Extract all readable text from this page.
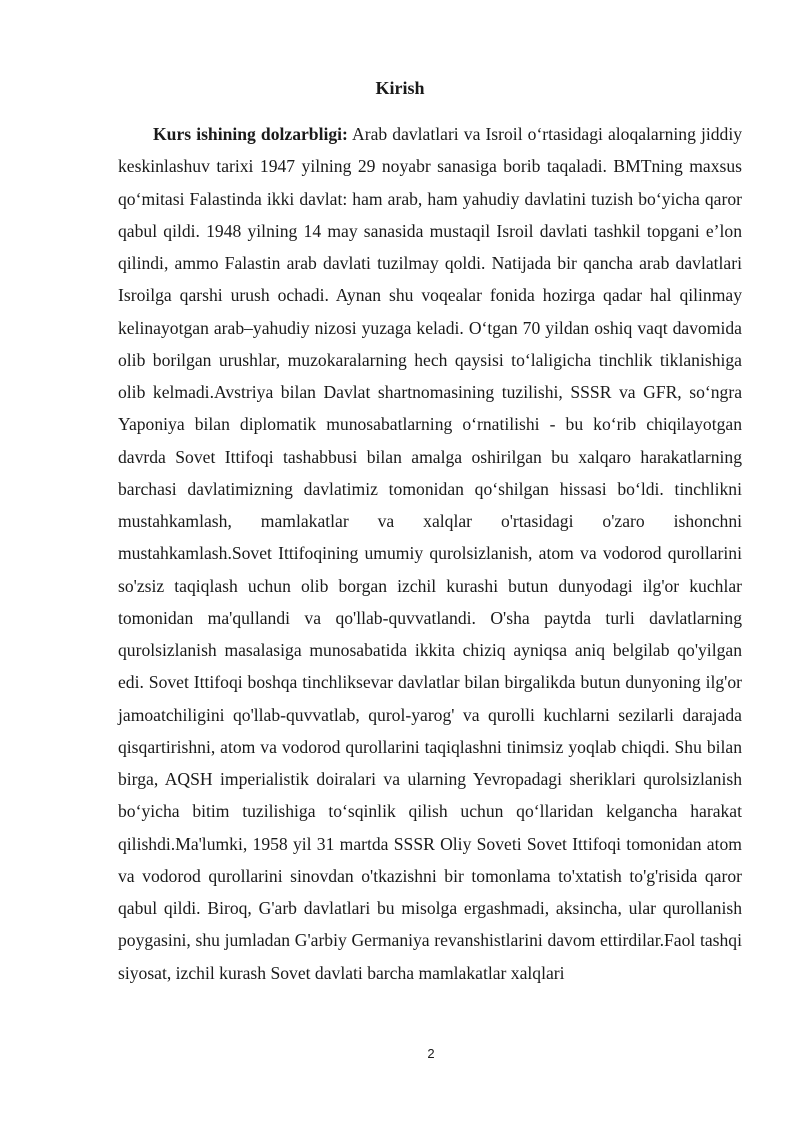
Kirish

Kurs ishining dolzarbligi: Arab davlatlari va Isroil oʻrtasidagi aloqalarning jiddiy keskinlashuv tarixi 1947 yilning 29 noyabr sanasiga borib taqaladi. BMTning maxsus qoʻmitasi Falastinda ikki davlat: ham arab, ham yahudiy davlatini tuzish boʻyicha qaror qabul qildi. 1948 yilning 14 may sanasida mustaqil Isroil davlati tashkil topgani eʼlon qilindi, ammo Falastin arab davlati tuzilmay qoldi. Natijada bir qancha arab davlatlari Isroilga qarshi urush ochadi. Aynan shu voqealar fonida hozirga qadar hal qilinmay kelinayotgan arab–yahudiy nizosi yuzaga keladi. Oʻtgan 70 yildan oshiq vaqt davomida olib borilgan urushlar, muzokaralarning hech qaysisi toʻlaligicha tinchlik tiklanishiga olib kelmadi.Avstriya bilan Davlat shartnomasining tuzilishi, SSSR va GFR, soʻngra Yaponiya bilan diplomatik munosabatlarning oʻrnatilishi - bu koʻrib chiqilayotgan davrda Sovet Ittifoqi tashabbusi bilan amalga oshirilgan bu xalqaro harakatlarning barchasi davlatimizning davlatimiz tomonidan qoʻshilgan hissasi boʻldi. tinchlikni mustahkamlash, mamlakatlar va xalqlar o'rtasidagi o'zaro ishonchni mustahkamlash.Sovet Ittifoqining umumiy qurolsizlanish, atom va vodorod qurollarini so'zsiz taqiqlash uchun olib borgan izchil kurashi butun dunyodagi ilg'or kuchlar tomonidan ma'qullandi va qo'llab-quvvatlandi. O'sha paytda turli davlatlarning qurolsizlanish masalasiga munosabatida ikkita chiziq ayniqsa aniq belgilab qo'yilgan edi. Sovet Ittifoqi boshqa tinchliksevar davlatlar bilan birgalikda butun dunyoning ilg'or jamoatchiligini qo'llab-quvvatlab, qurol-yarog' va qurolli kuchlarni sezilarli darajada qisqartirishni, atom va vodorod qurollarini taqiqlashni tinimsiz yoqlab chiqdi. Shu bilan birga, AQSH imperialistik doiralari va ularning Yevropadagi sheriklari qurolsizlanish boʻyicha bitim tuzilishiga toʻsqinlik qilish uchun qoʻllaridan kelgancha harakat qilishdi.Ma'lumki, 1958 yil 31 martda SSSR Oliy Soveti Sovet Ittifoqi tomonidan atom va vodorod qurollarini sinovdan o'tkazishni bir tomonlama to'xtatish to'g'risida qaror qabul qildi. Biroq, G'arb davlatlari bu misolga ergashmadi, aksincha, ular qurollanish poygasini, shu jumladan G'arbiy Germaniya revanshistlarini davom ettirdilar.Faol tashqi siyosat, izchil kurash Sovet davlati barcha mamlakatlar xalqlari

2
